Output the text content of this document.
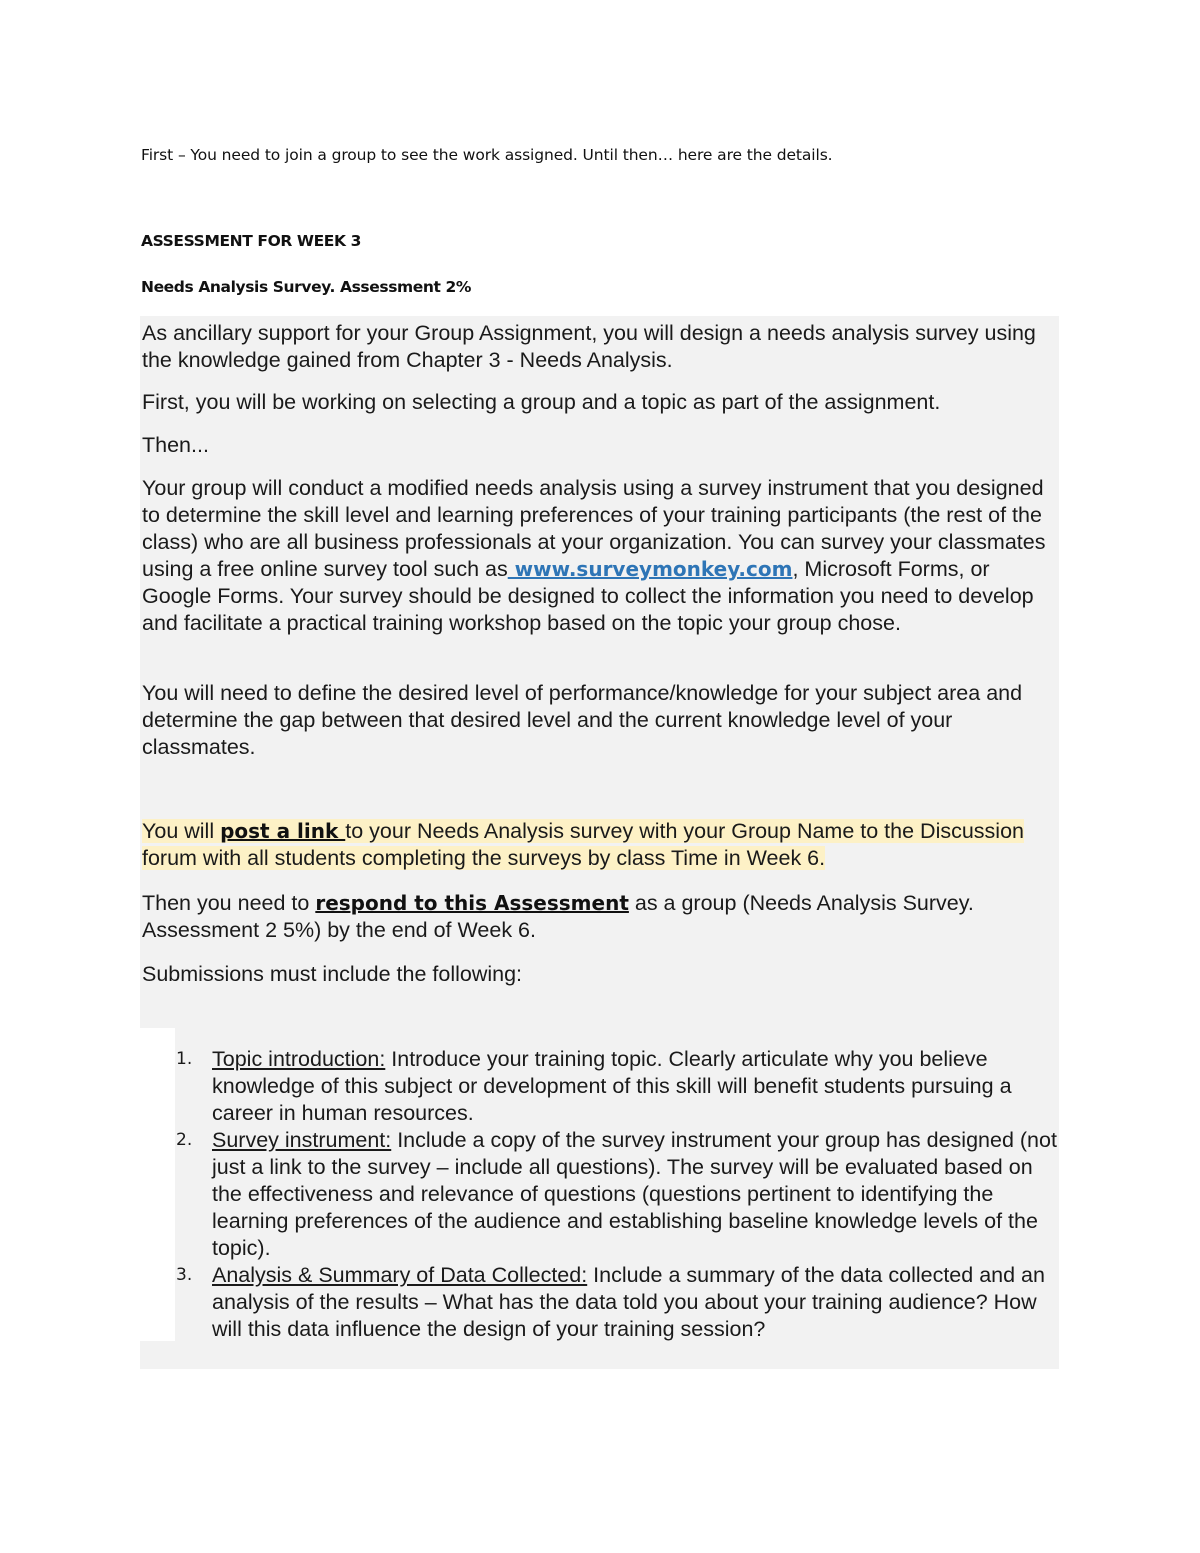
First – You need to join a group to see the work assigned. Until then… here are the details.
ASSESSMENT FOR WEEK 3
Needs Analysis Survey. Assessment 2%

As ancillary support for your Group Assignment, you will design a needs analysis survey using the knowledge gained from Chapter 3 - Needs Analysis.

First, you will be working on selecting a group and a topic as part of the assignment.

Then...

Your group will conduct a modified needs analysis using a survey instrument that you designed to determine the skill level and learning preferences of your training participants (the rest of the class) who are all business professionals at your organization. You can survey your classmates using a free online survey tool such as www.surveymonkey.com, Microsoft Forms, or Google Forms. Your survey should be designed to collect the information you need to develop and facilitate a practical training workshop based on the topic your group chose.

You will need to define the desired level of performance/knowledge for your subject area and determine the gap between that desired level and the current knowledge level of your classmates.

You will post a link to your Needs Analysis survey with your Group Name to the Discussion forum with all students completing the surveys by class Time in Week 6.

Then you need to respond to this Assessment as a group (Needs Analysis Survey. Assessment 2 5%) by the end of Week 6.

Submissions must include the following:

1. Topic introduction: Introduce your training topic. Clearly articulate why you believe knowledge of this subject or development of this skill will benefit students pursuing a career in human resources.
2. Survey instrument: Include a copy of the survey instrument your group has designed (not just a link to the survey – include all questions). The survey will be evaluated based on the effectiveness and relevance of questions (questions pertinent to identifying the learning preferences of the audience and establishing baseline knowledge levels of the topic).
3. Analysis & Summary of Data Collected: Include a summary of the data collected and an analysis of the results – What has the data told you about your training audience? How will this data influence the design of your training session?
